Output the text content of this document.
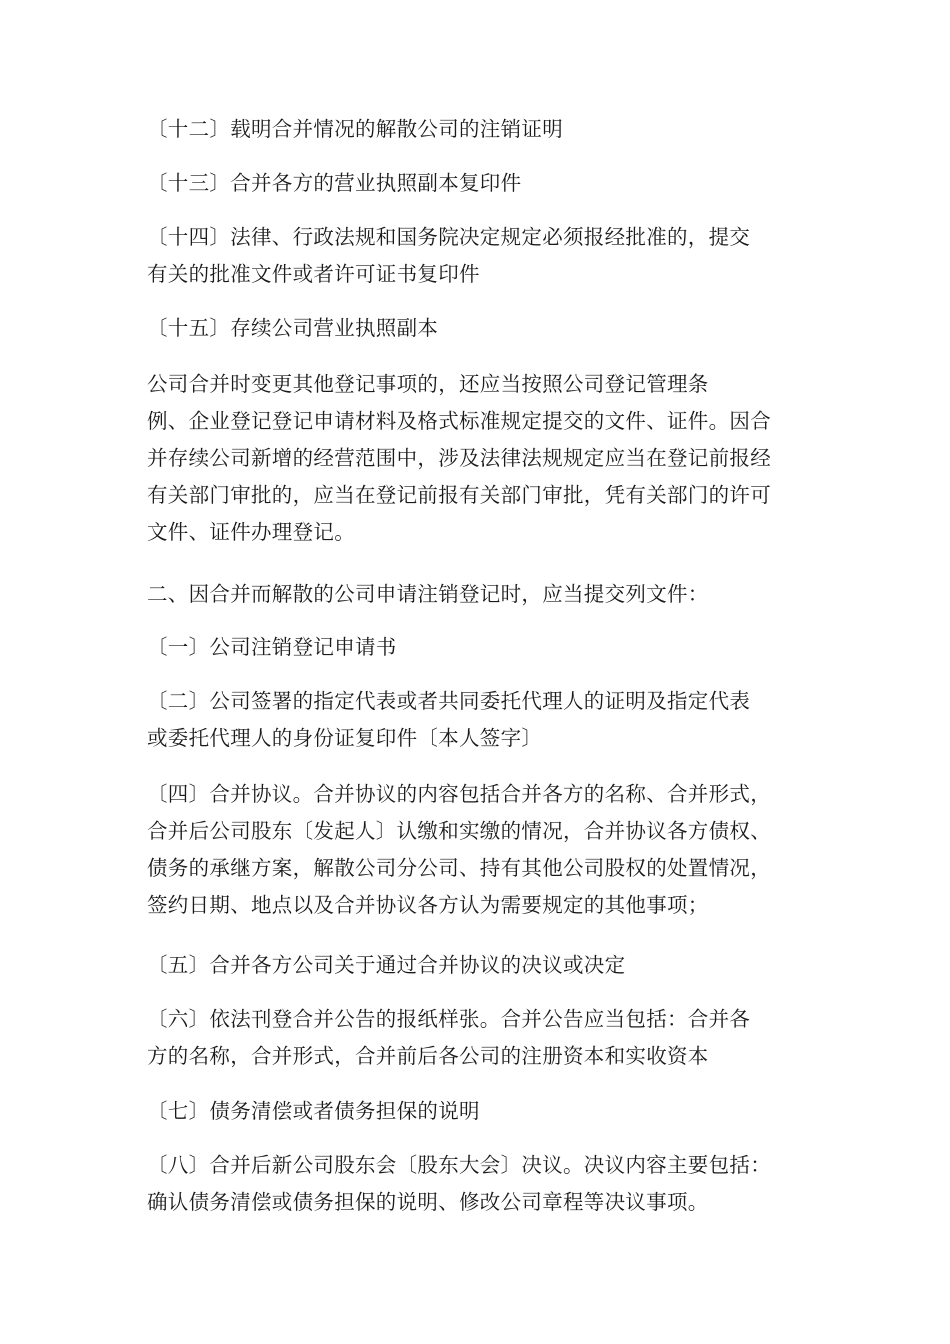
〔十二〕载明合并情况的解散公司的注销证明

〔十三〕合并各方的营业执照副本复印件

〔十四〕法律、行政法规和国务院决定规定必须报经批准的，提交
有关的批准文件或者许可证书复印件

〔十五〕存续公司营业执照副本

公司合并时变更其他登记事项的，还应当按照公司登记管理条
例、企业登记登记申请材料及格式标准规定提交的文件、证件。因合
并存续公司新增的经营范围中，涉及法律法规规定应当在登记前报经
有关部门审批的，应当在登记前报有关部门审批，凭有关部门的许可
文件、证件办理登记。

二、因合并而解散的公司申请注销登记时，应当提交列文件：

〔一〕公司注销登记申请书

〔二〕公司签署的指定代表或者共同委托代理人的证明及指定代表
或委托代理人的身份证复印件〔本人签字〕

〔四〕合并协议。合并协议的内容包括合并各方的名称、合并形式，
合并后公司股东〔发起人〕认缴和实缴的情况，合并协议各方债权、
债务的承继方案，解散公司分公司、持有其他公司股权的处置情况，
签约日期、地点以及合并协议各方认为需要规定的其他事项；

〔五〕合并各方公司关于通过合并协议的决议或决定

〔六〕依法刊登合并公告的报纸样张。合并公告应当包括：合并各
方的名称，合并形式，合并前后各公司的注册资本和实收资本

〔七〕债务清偿或者债务担保的说明

〔八〕合并后新公司股东会〔股东大会〕决议。决议内容主要包括：
确认债务清偿或债务担保的说明、修改公司章程等决议事项。
